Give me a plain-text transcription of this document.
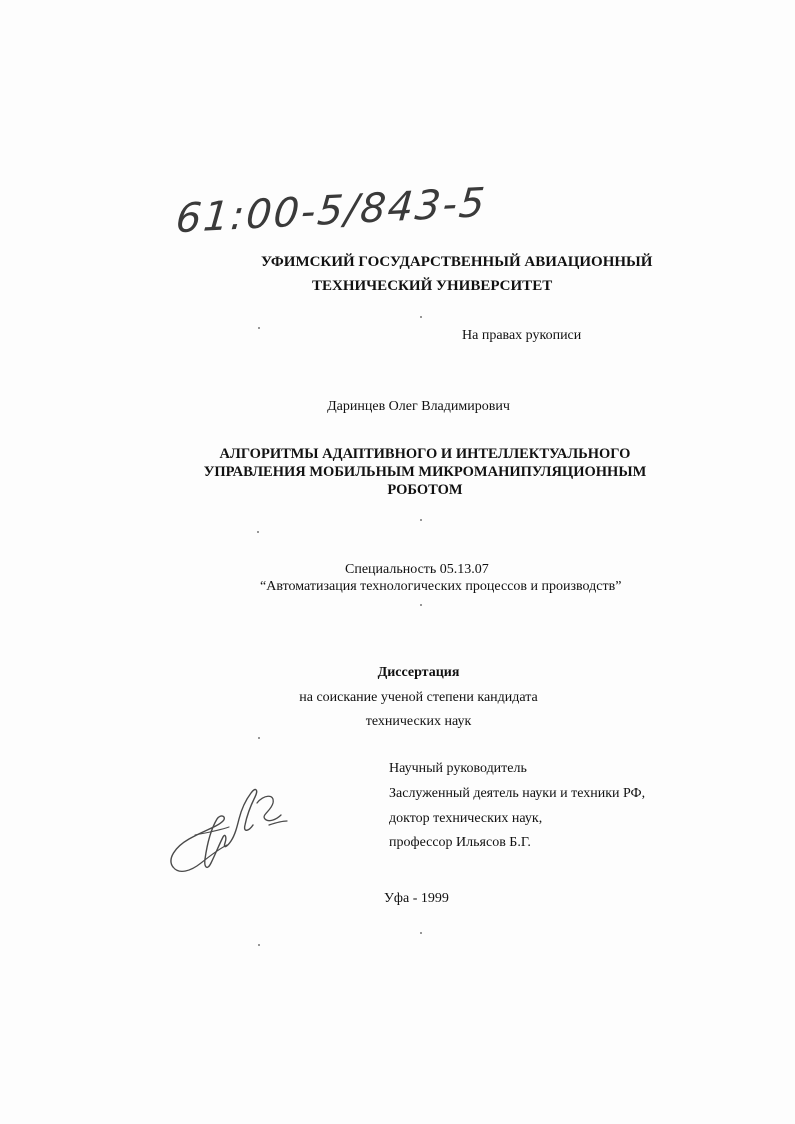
61:00-5/843-5
УФИМСКИЙ ГОСУДАРСТВЕННЫЙ АВИАЦИОННЫЙ
ТЕХНИЧЕСКИЙ УНИВЕРСИТЕТ
На правах рукописи
Даринцев Олег Владимирович
АЛГОРИТМЫ АДАПТИВНОГО И ИНТЕЛЛЕКТУАЛЬНОГО
УПРАВЛЕНИЯ МОБИЛЬНЫМ МИКРОМАНИПУЛЯЦИОННЫМ
РОБОТОМ
Специальность 05.13.07
“Автоматизация технологических процессов и производств”
Диссертация
на соискание ученой степени кандидата
технических наук
Научный руководитель
Заслуженный деятель науки и техники РФ,
доктор технических наук,
профессор Ильясов Б.Г.
Уфа - 1999
